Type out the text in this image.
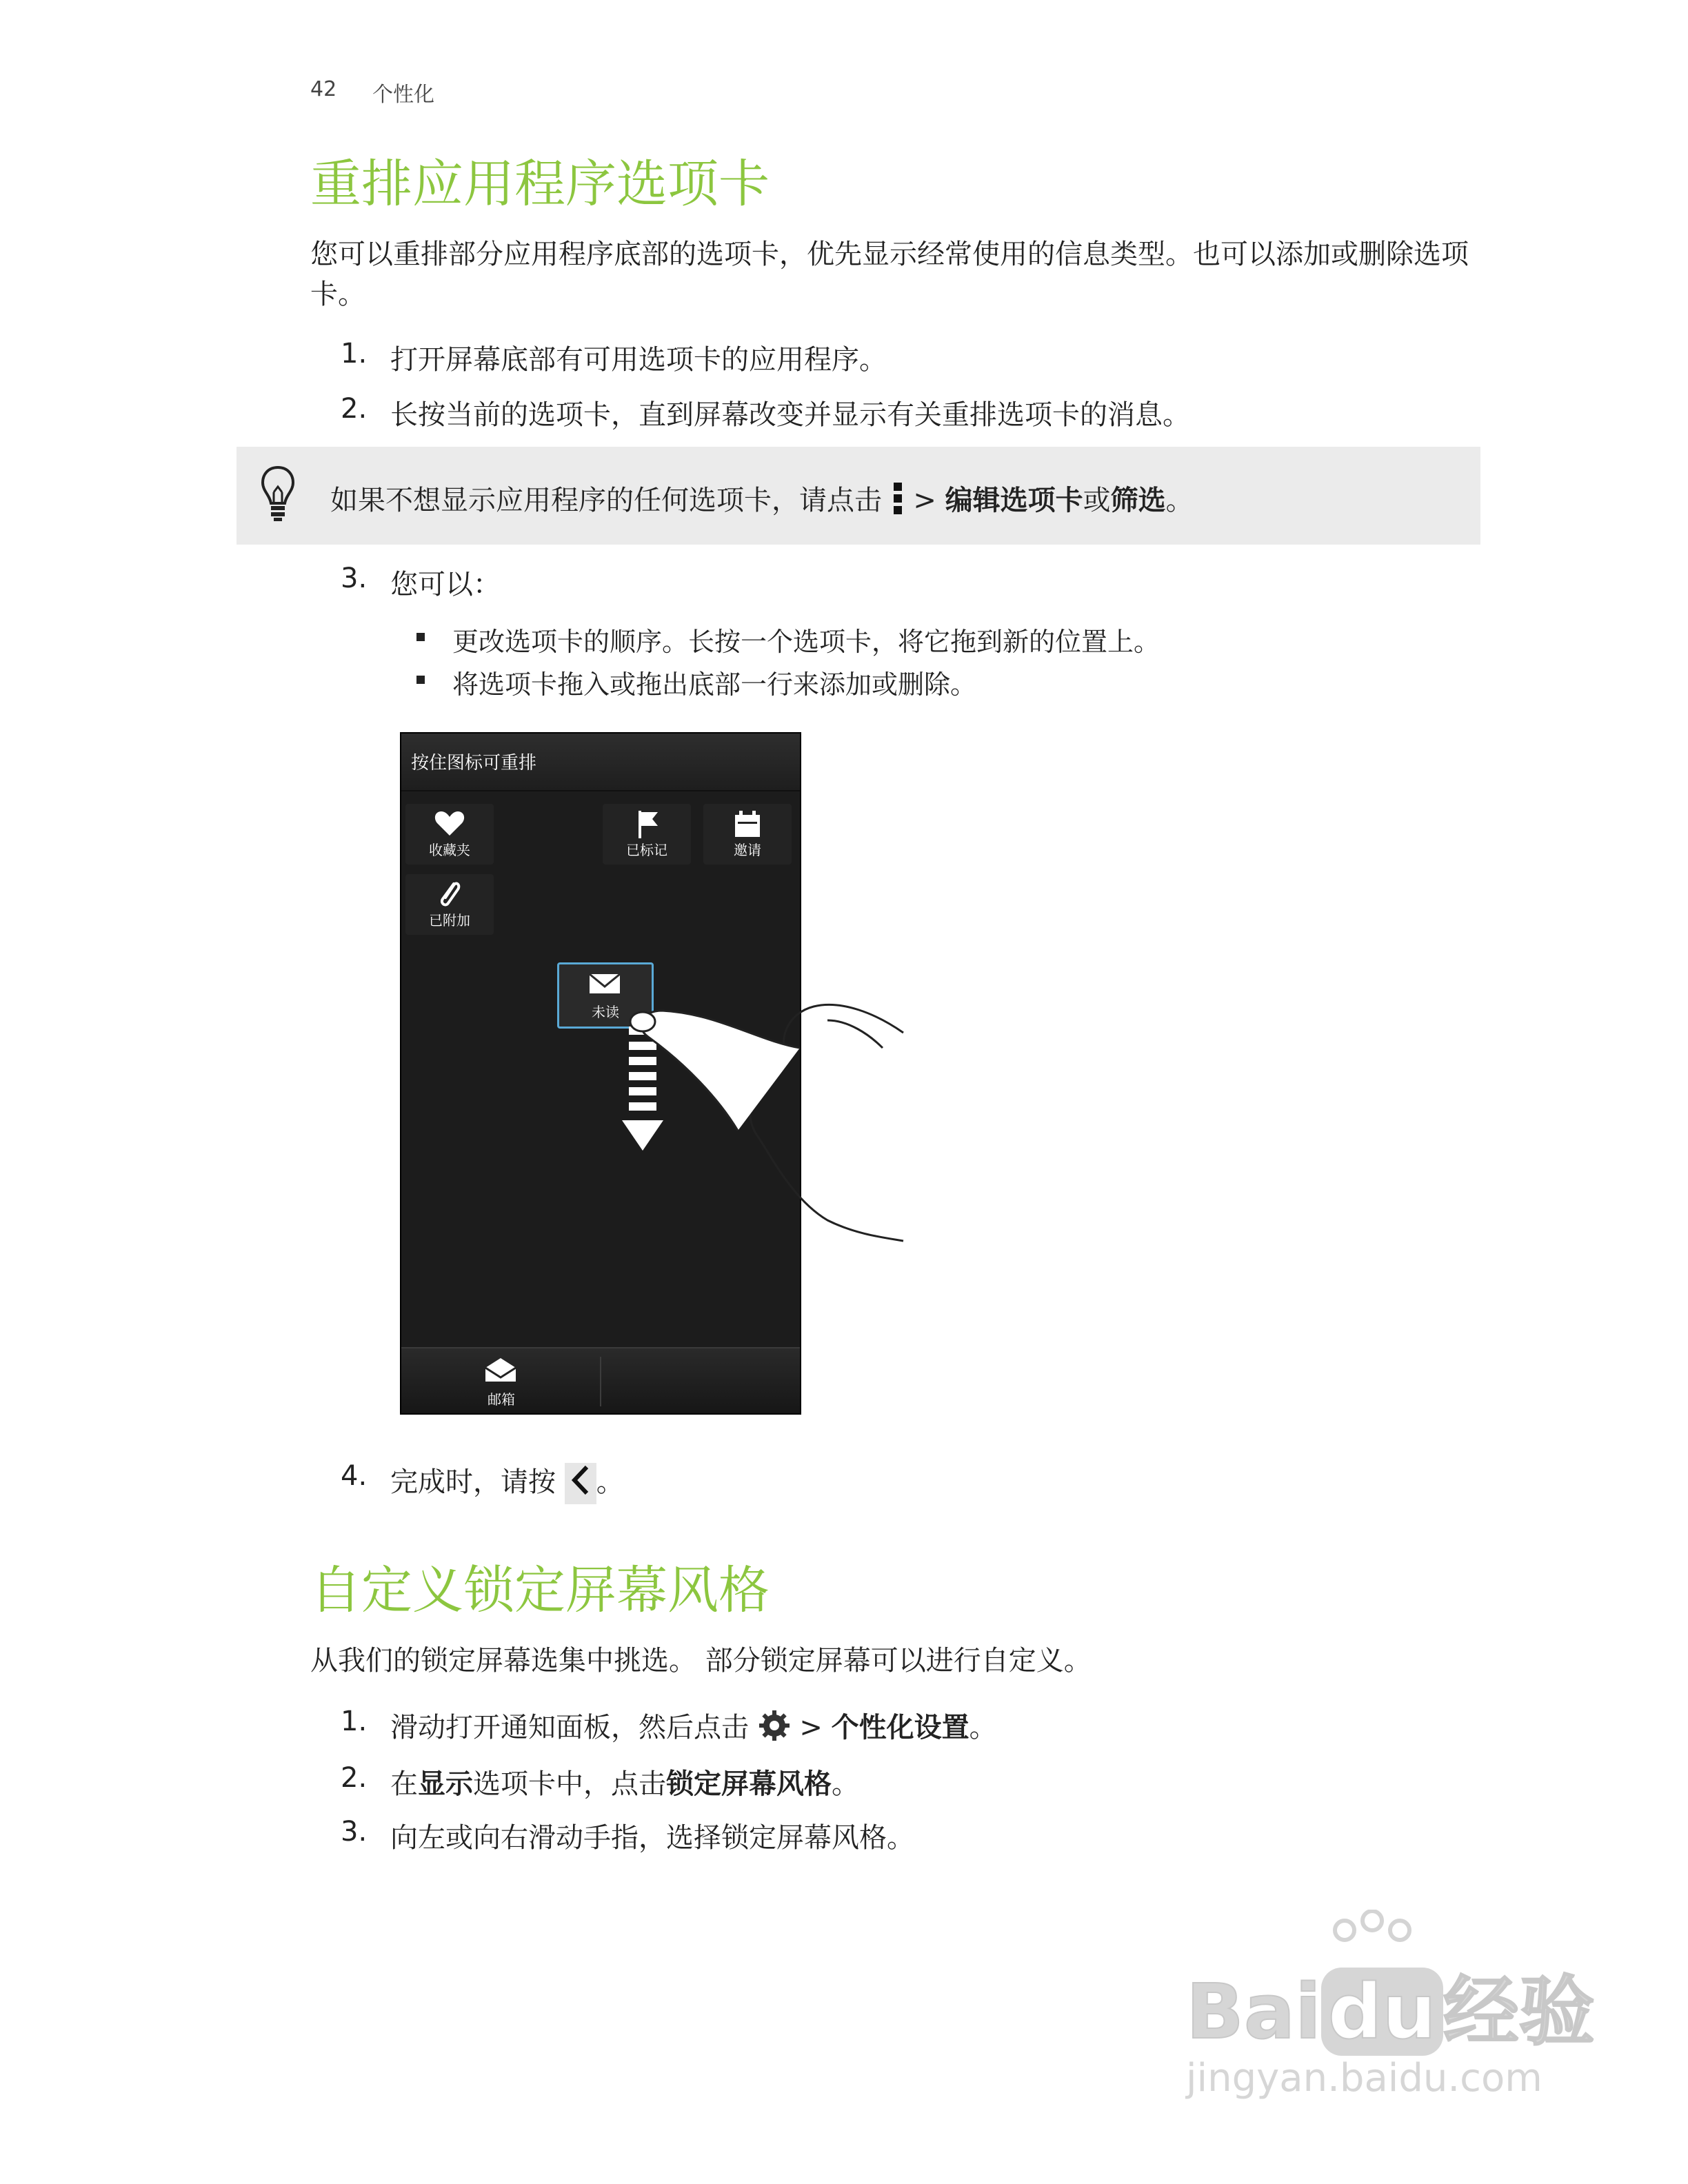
42 个性化
重排应用程序选项卡
您可以重排部分应用程序底部的选项卡，优先显示经常使用的信息类型。也可以添加或删除选项卡。
1. 打开屏幕底部有可用选项卡的应用程序。
2. 长按当前的选项卡，直到屏幕改变并显示有关重排选项卡的消息。
如果不想显示应用程序的任何选项卡，请点击  > 编辑选项卡或筛选。
3. 您可以：
更改选项卡的顺序。长按一个选项卡，将它拖到新的位置上。
将选项卡拖入或拖出底部一行来添加或删除。
按住图标可重排
收藏夹	已标记	邀请
已附加
未读
邮箱
4. 完成时，请按 。
自定义锁定屏幕风格
从我们的锁定屏幕选集中挑选。 部分锁定屏幕可以进行自定义。
1. 滑动打开通知面板，然后点击  > 个性化设置。
2. 在显示选项卡中，点击锁定屏幕风格。
3. 向左或向右滑动手指，选择锁定屏幕风格。
Baidu经验
jingyan.baidu.com
